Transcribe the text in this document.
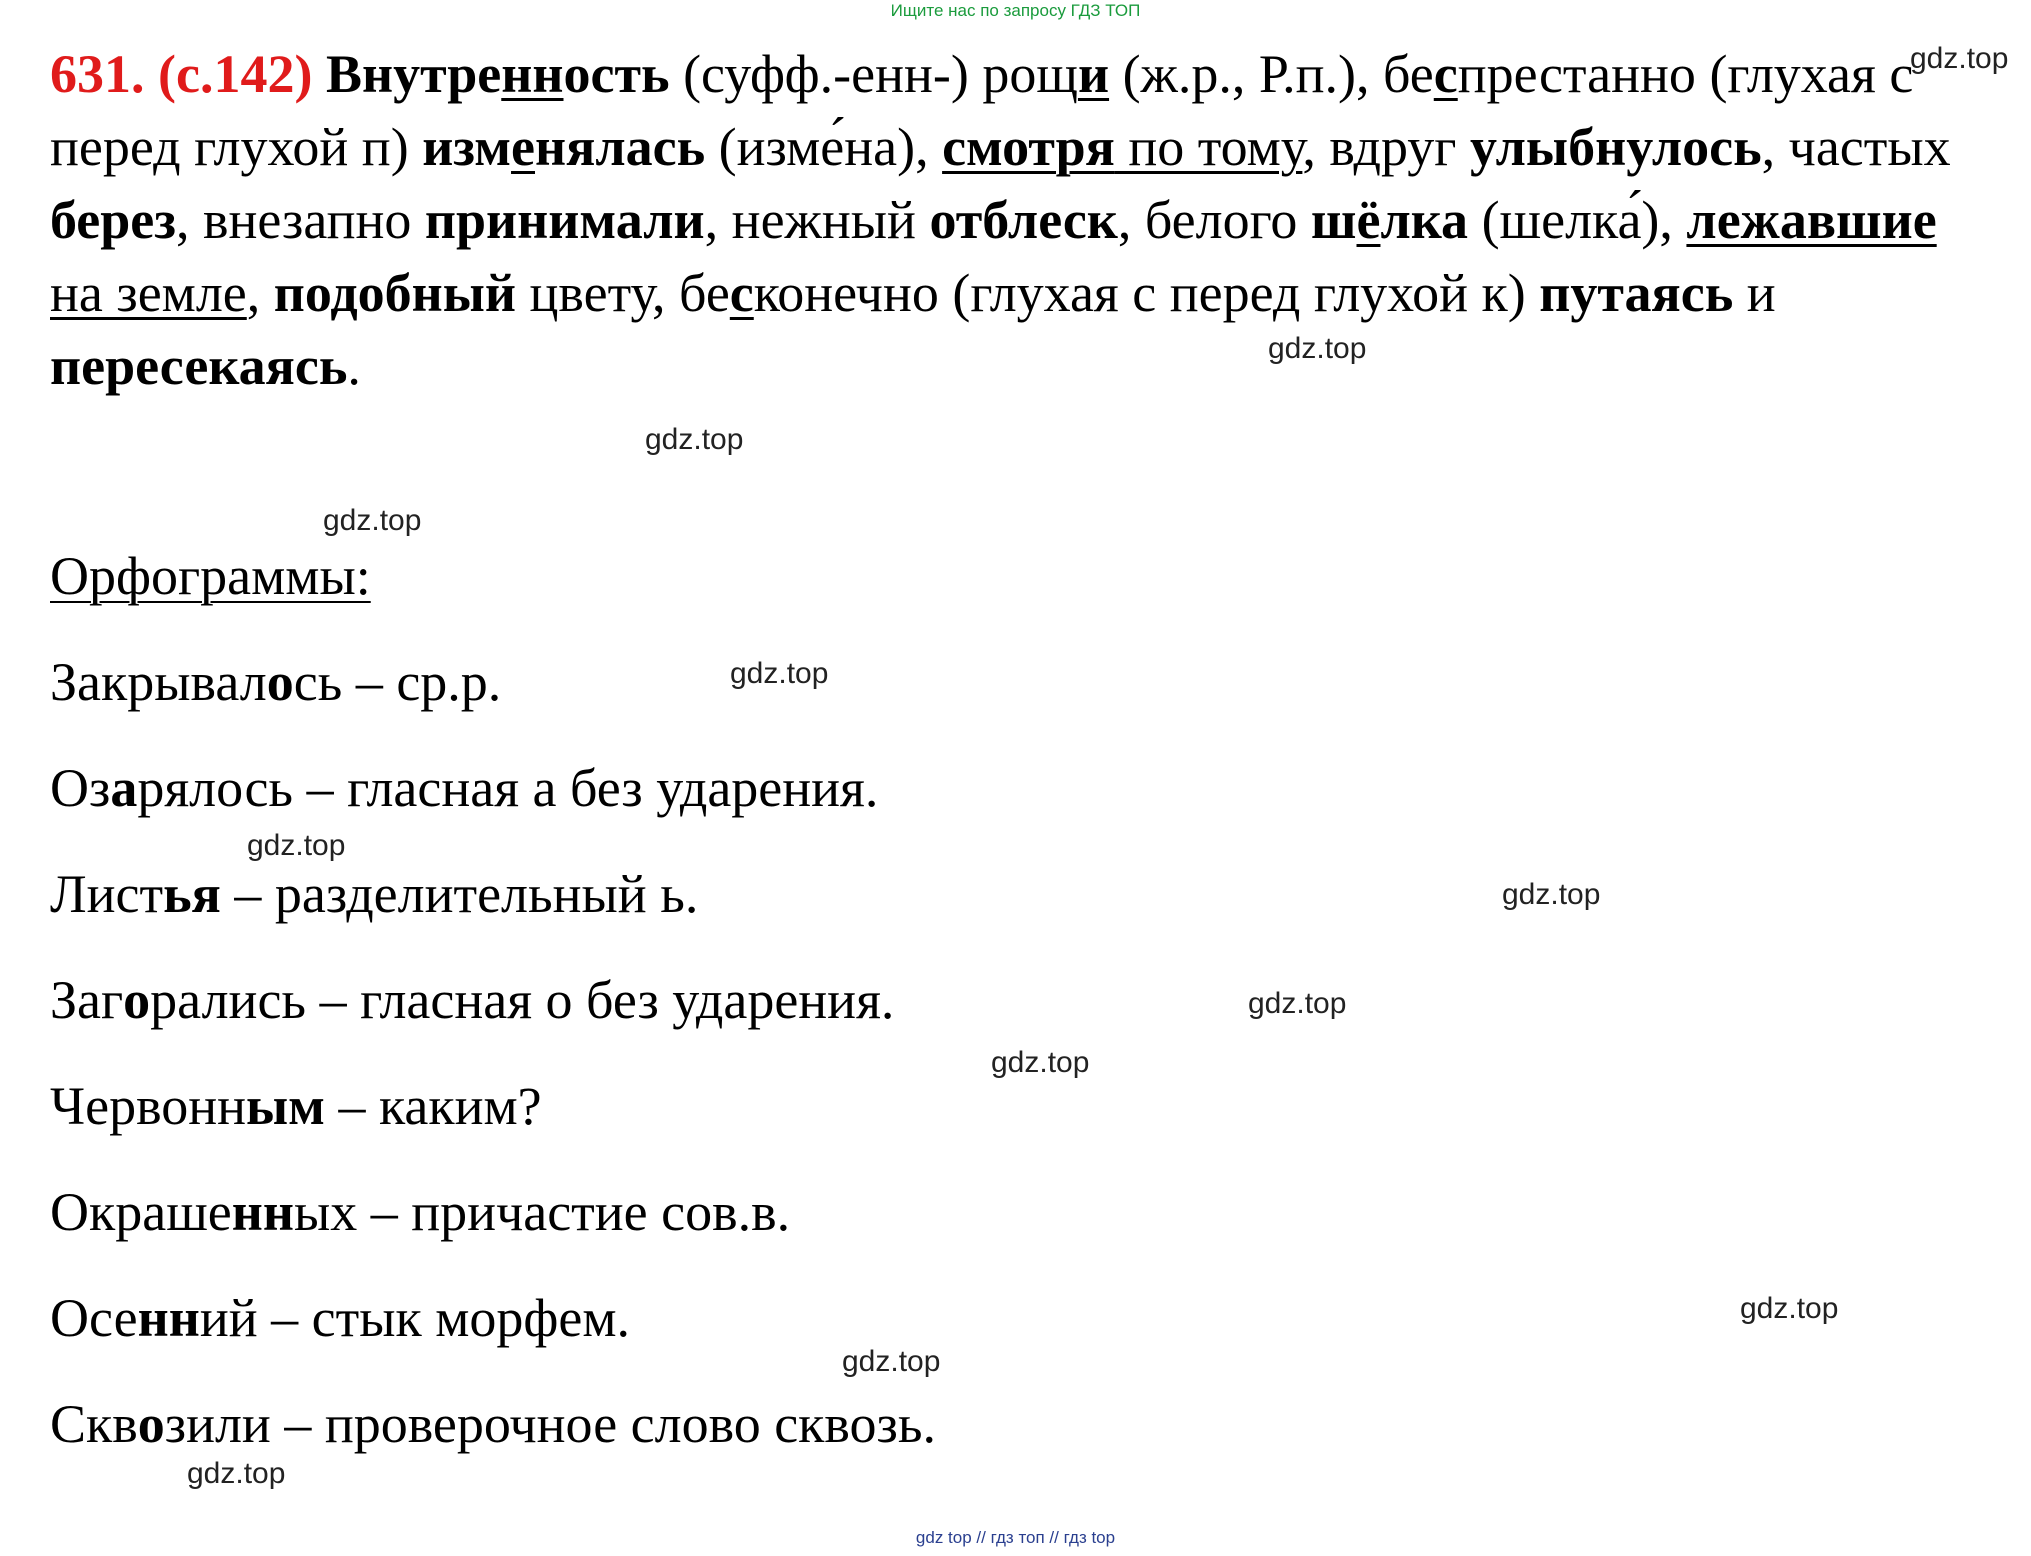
Ищите нас по запросу ГДЗ ТОП
631. (с.142) Внутренность (суфф.-енн-) рощи (ж.р., Р.п.), беспрестанно (глухая с перед глухой п) изменялась (изме́на), смотря по тому, вдруг улыбнулось, частых берез, внезапно принимали, нежный отблеск, белого шёлка (шелка́), лежавшие на земле, подобный цвету, бесконечно (глухая с перед глухой к) путаясь и пересекаясь.
Орфограммы:
Закрывалось – ср.р.
Озарялось – гласная а без ударения.
Листья – разделительный ь.
Загорались – гласная о без ударения.
Червонным – каким?
Окрашенных – причастие сов.в.
Осенний – стык морфем.
Сквозили – проверочное слово сквозь.
gdz.top
gdz.top
gdz.top
gdz.top
gdz.top
gdz.top
gdz.top
gdz.top
gdz.top
gdz.top
gdz.top
gdz.top
gdz top // гдз топ // гдз top
